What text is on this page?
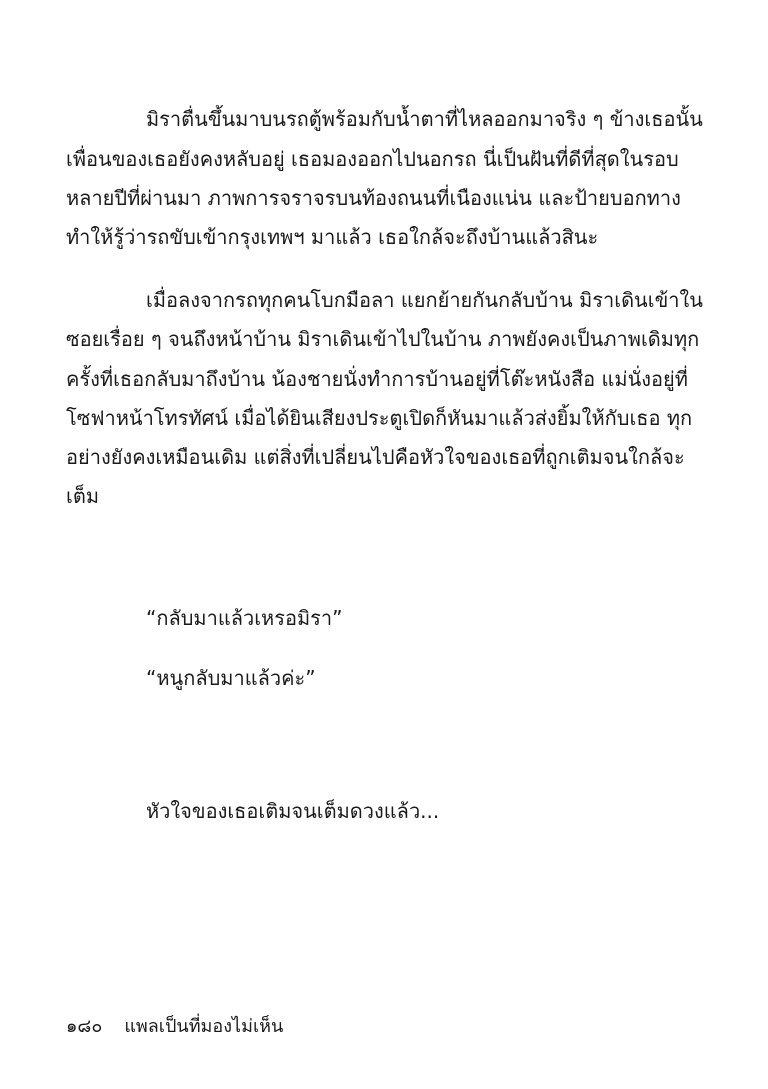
มิราตื่นขึ้นมาบนรถตู้พร้อมกับน้ำตาที่ไหลออกมาจริง ๆ ข้างเธอนั้น
เพื่อนของเธอยังคงหลับอยู่ เธอมองออกไปนอกรถ นี่เป็นฝันที่ดีที่สุดในรอบ
หลายปีที่ผ่านมา ภาพการจราจรบนท้องถนนที่เนืองแน่น และป้ายบอกทาง
ทำให้รู้ว่ารถขับเข้ากรุงเทพฯ มาแล้ว เธอใกล้จะถึงบ้านแล้วสินะ
เมื่อลงจากรถทุกคนโบกมือลา แยกย้ายกันกลับบ้าน มิราเดินเข้าใน
ซอยเรื่อย ๆ จนถึงหน้าบ้าน มิราเดินเข้าไปในบ้าน ภาพยังคงเป็นภาพเดิมทุก
ครั้งที่เธอกลับมาถึงบ้าน น้องชายนั่งทำการบ้านอยู่ที่โต๊ะหนังสือ แม่นั่งอยู่ที่
โซฟาหน้าโทรทัศน์ เมื่อได้ยินเสียงประตูเปิดก็หันมาแล้วส่งยิ้มให้กับเธอ ทุก
อย่างยังคงเหมือนเดิม แต่สิ่งที่เปลี่ยนไปคือหัวใจของเธอที่ถูกเติมจนใกล้จะ
เต็ม
“กลับมาแล้วเหรอมิรา”
“หนูกลับมาแล้วค่ะ”
หัวใจของเธอเติมจนเต็มดวงแล้ว...
๑๘๐ แพลเป็นที่มองไม่เห็น
